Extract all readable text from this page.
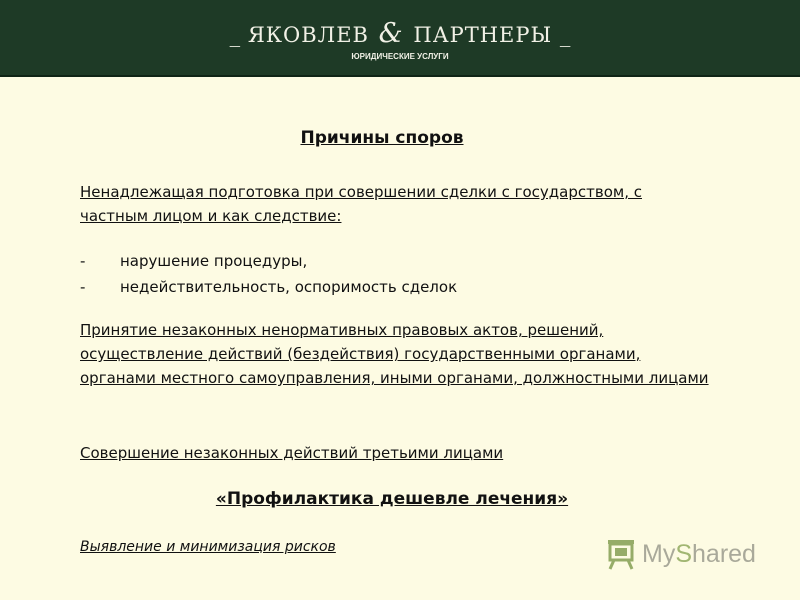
_ ЯКОВЛЕВ & ПАРТНЕРЫ _
ЮРИДИЧЕСКИЕ УСЛУГИ
Причины споров
Ненадлежащая подготовка при совершении сделки с государством, с частным лицом и как следствие:
-	нарушение процедуры,
-	недействительность, оспоримость сделок
Принятие незаконных ненормативных правовых актов, решений, осуществление действий (бездействия) государственными органами, органами местного самоуправления, иными органами, должностными лицами
Совершение незаконных действий третьими лицами
«Профилактика дешевле лечения»
Выявление и минимизация рисков	MyShared
